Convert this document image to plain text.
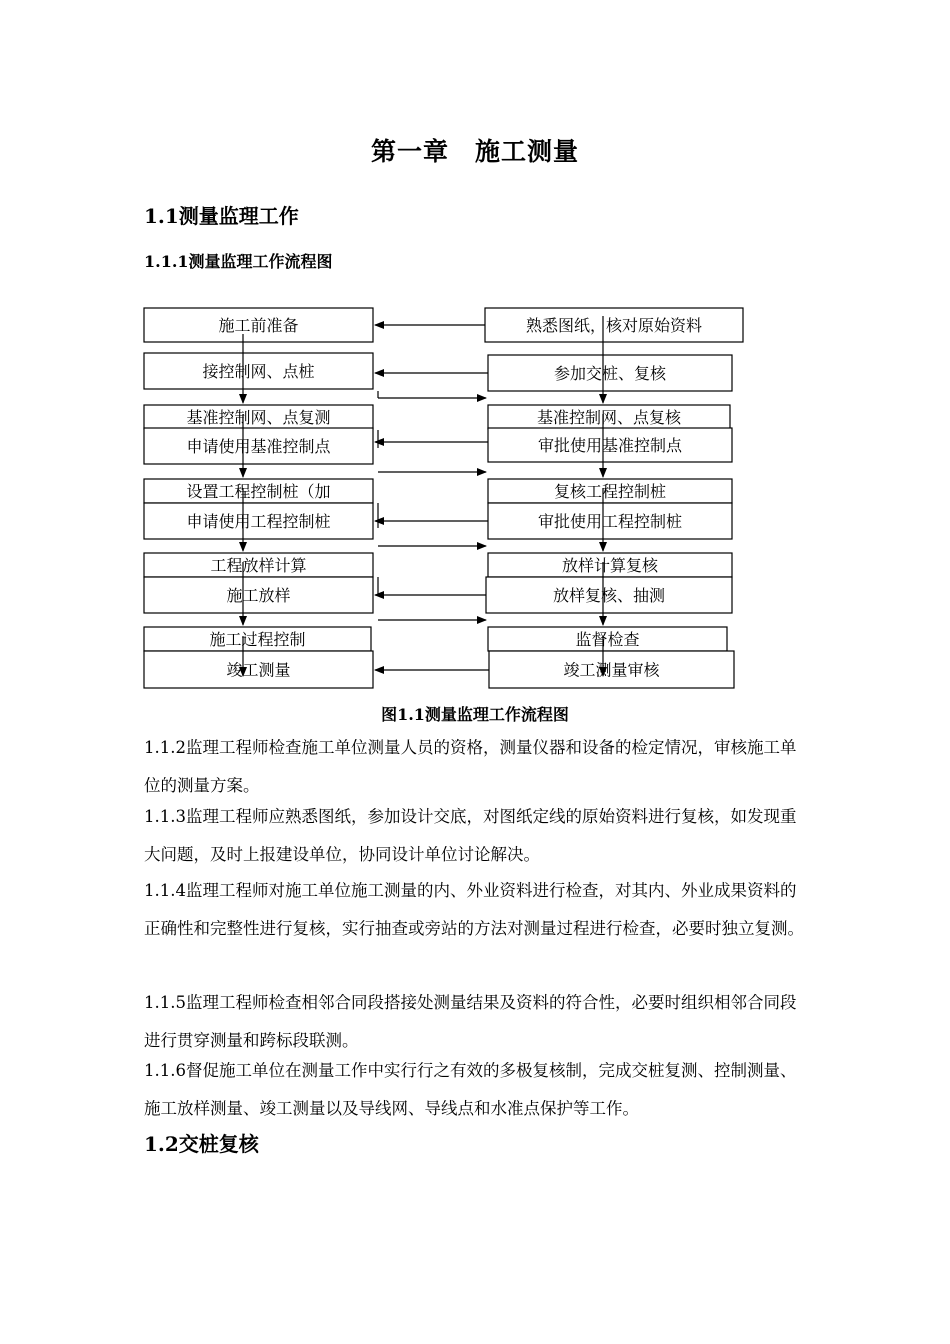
第一章　施工测量
1.1测量监理工作
1.1.1测量监理工作流程图
施工前准备
接控制网、点桩
基准控制网、点复测
申请使用基准控制点
设置工程控制桩（加
申请使用工程控制桩
工程放样计算
施工放样
施工过程控制
竣工测量
熟悉图纸，核对原始资料
参加交桩、复核
基准控制网、点复核
审批使用基准控制点
复核工程控制桩
审批使用工程控制桩
放样计算复核
放样复核、抽测
监督检查
竣工测量审核
图1.1测量监理工作流程图
1.1.2监理工程师检查施工单位测量人员的资格，测量仪器和设备的检定情况，审核施工单位的测量方案。
1.1.3监理工程师应熟悉图纸，参加设计交底，对图纸定线的原始资料进行复核，如发现重大问题，及时上报建设单位，协同设计单位讨论解决。
1.1.4监理工程师对施工单位施工测量的内、外业资料进行检查，对其内、外业成果资料的正确性和完整性进行复核，实行抽查或旁站的方法对测量过程进行检查，必要时独立复测。
1.1.5监理工程师检查相邻合同段搭接处测量结果及资料的符合性，必要时组织相邻合同段进行贯穿测量和跨标段联测。
1.1.6督促施工单位在测量工作中实行行之有效的多极复核制，完成交桩复测、控制测量、施工放样测量、竣工测量以及导线网、导线点和水准点保护等工作。
1.2交桩复核
